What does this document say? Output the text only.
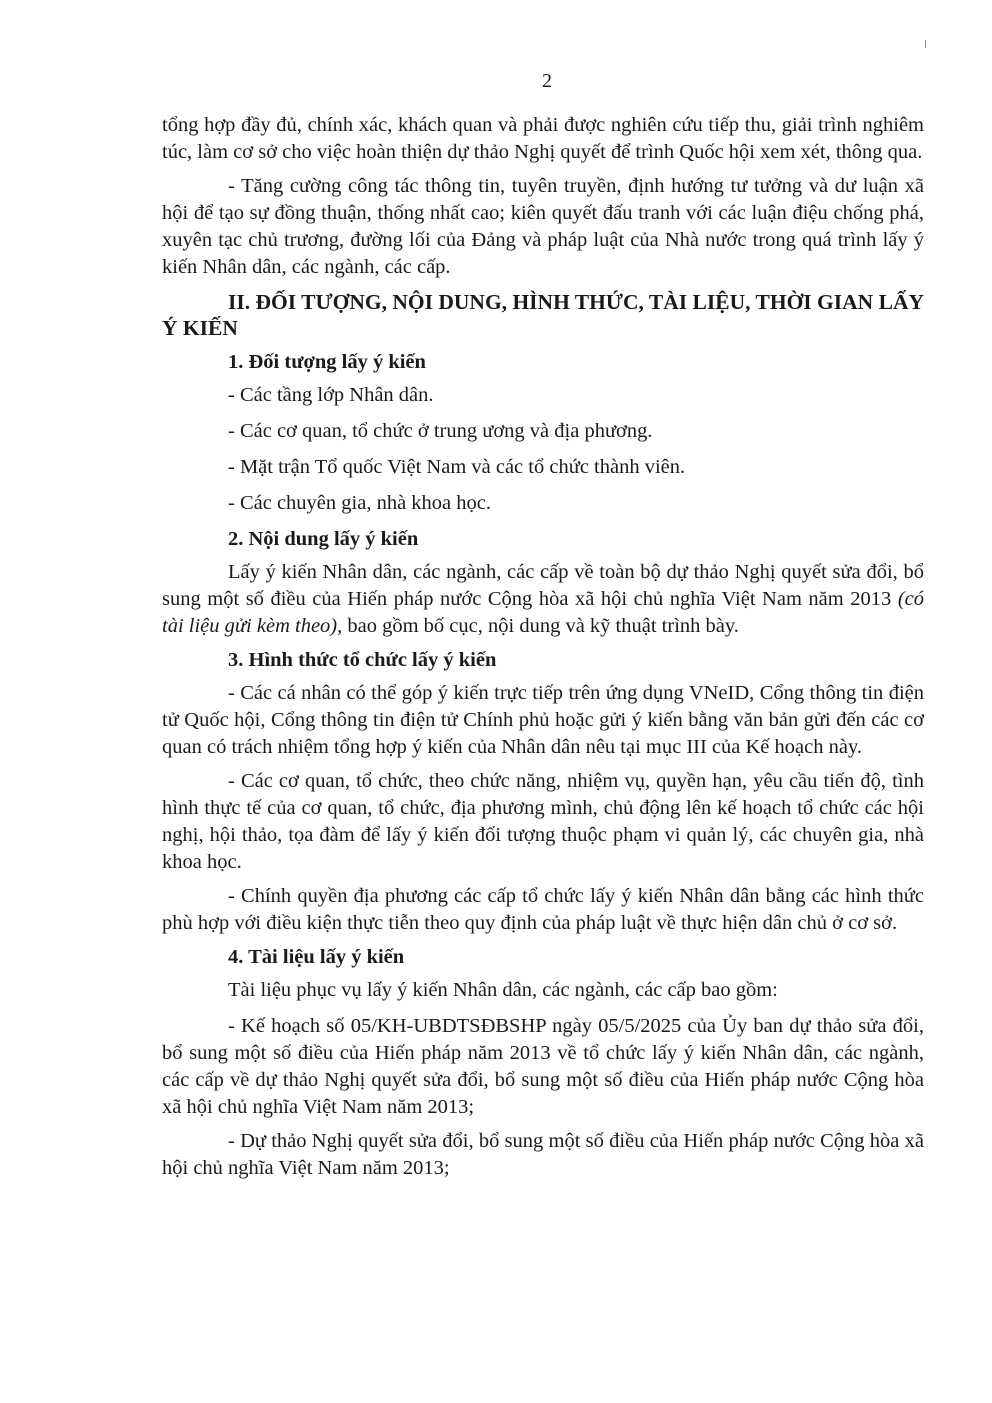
2

tổng hợp đầy đủ, chính xác, khách quan và phải được nghiên cứu tiếp thu, giải trình nghiêm túc, làm cơ sở cho việc hoàn thiện dự thảo Nghị quyết để trình Quốc hội xem xét, thông qua.

- Tăng cường công tác thông tin, tuyên truyền, định hướng tư tưởng và dư luận xã hội để tạo sự đồng thuận, thống nhất cao; kiên quyết đấu tranh với các luận điệu chống phá, xuyên tạc chủ trương, đường lối của Đảng và pháp luật của Nhà nước trong quá trình lấy ý kiến Nhân dân, các ngành, các cấp.

II. ĐỐI TƯỢNG, NỘI DUNG, HÌNH THỨC, TÀI LIỆU, THỜI GIAN LẤY Ý KIẾN

1. Đối tượng lấy ý kiến

- Các tầng lớp Nhân dân.

- Các cơ quan, tổ chức ở trung ương và địa phương.

- Mặt trận Tổ quốc Việt Nam và các tổ chức thành viên.

- Các chuyên gia, nhà khoa học.

2. Nội dung lấy ý kiến

Lấy ý kiến Nhân dân, các ngành, các cấp về toàn bộ dự thảo Nghị quyết sửa đổi, bổ sung một số điều của Hiến pháp nước Cộng hòa xã hội chủ nghĩa Việt Nam năm 2013 (có tài liệu gửi kèm theo), bao gồm bố cục, nội dung và kỹ thuật trình bày.

3. Hình thức tổ chức lấy ý kiến

- Các cá nhân có thể góp ý kiến trực tiếp trên ứng dụng VNeID, Cổng thông tin điện tử Quốc hội, Cổng thông tin điện tử Chính phủ hoặc gửi ý kiến bằng văn bản gửi đến các cơ quan có trách nhiệm tổng hợp ý kiến của Nhân dân nêu tại mục III của Kế hoạch này.

- Các cơ quan, tổ chức, theo chức năng, nhiệm vụ, quyền hạn, yêu cầu tiến độ, tình hình thực tế của cơ quan, tổ chức, địa phương mình, chủ động lên kế hoạch tổ chức các hội nghị, hội thảo, tọa đàm để lấy ý kiến đối tượng thuộc phạm vi quản lý, các chuyên gia, nhà khoa học.

- Chính quyền địa phương các cấp tổ chức lấy ý kiến Nhân dân bằng các hình thức phù hợp với điều kiện thực tiễn theo quy định của pháp luật về thực hiện dân chủ ở cơ sở.

4. Tài liệu lấy ý kiến

Tài liệu phục vụ lấy ý kiến Nhân dân, các ngành, các cấp bao gồm:

- Kế hoạch số 05/KH-UBDTSĐBSHP ngày 05/5/2025 của Ủy ban dự thảo sửa đổi, bổ sung một số điều của Hiến pháp năm 2013 về tổ chức lấy ý kiến Nhân dân, các ngành, các cấp về dự thảo Nghị quyết sửa đổi, bổ sung một số điều của Hiến pháp nước Cộng hòa xã hội chủ nghĩa Việt Nam năm 2013;

- Dự thảo Nghị quyết sửa đổi, bổ sung một số điều của Hiến pháp nước Cộng hòa xã hội chủ nghĩa Việt Nam năm 2013;
